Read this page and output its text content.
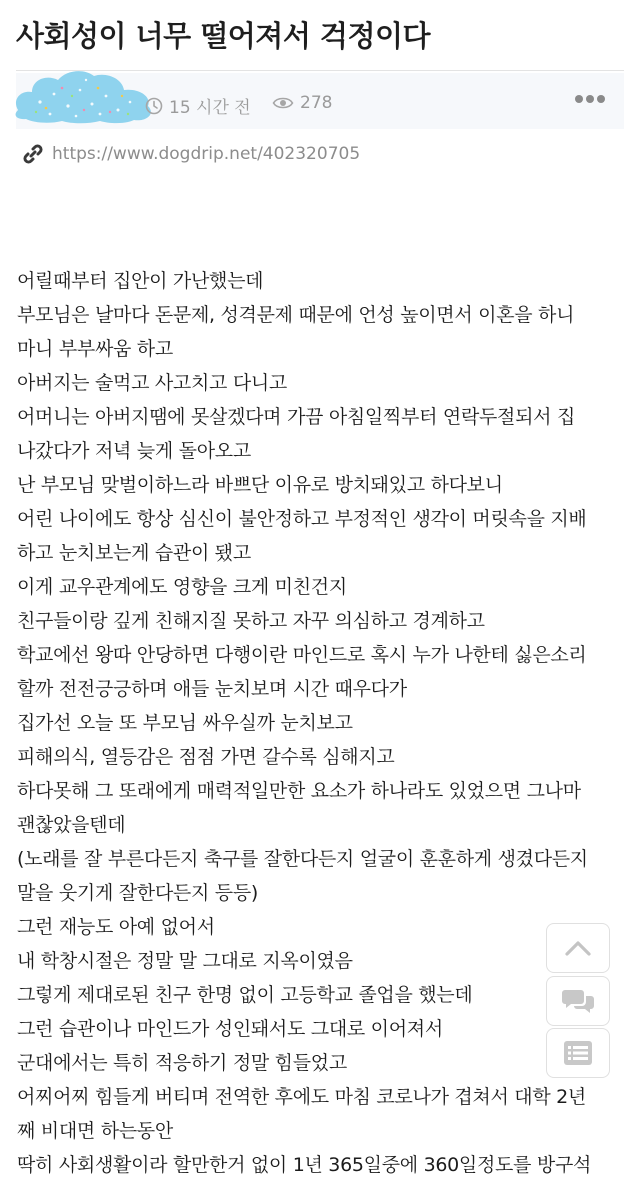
사회성이 너무 떨어져서 걱정이다
15 시간 전	278
https://www.dogdrip.net/402320705

어릴때부터 집안이 가난했는데

부모님은 날마다 돈문제, 성격문제 때문에 언성 높이면서 이혼을 하니

마니 부부싸움 하고

아버지는 술먹고 사고치고 다니고

어머니는 아버지땜에 못살겠다며 가끔 아침일찍부터 연락두절되서 집

나갔다가 저녁 늦게 돌아오고

난 부모님 맞벌이하느라 바쁘단 이유로 방치돼있고 하다보니

어린 나이에도 항상 심신이 불안정하고 부정적인 생각이 머릿속을 지배

하고 눈치보는게 습관이 됐고

이게 교우관계에도 영향을 크게 미친건지

친구들이랑 깊게 친해지질 못하고 자꾸 의심하고 경계하고

학교에선 왕따 안당하면 다행이란 마인드로 혹시 누가 나한테 싫은소리

할까 전전긍긍하며 애들 눈치보며 시간 때우다가

집가선 오늘 또 부모님 싸우실까 눈치보고

피해의식, 열등감은 점점 가면 갈수록 심해지고

하다못해 그 또래에게 매력적일만한 요소가 하나라도 있었으면 그나마

괜찮았을텐데

(노래를 잘 부른다든지 축구를 잘한다든지 얼굴이 훈훈하게 생겼다든지

말을 웃기게 잘한다든지 등등)

그런 재능도 아예 없어서

내 학창시절은 정말 말 그대로 지옥이였음

그렇게 제대로된 친구 한명 없이 고등학교 졸업을 했는데

그런 습관이나 마인드가 성인돼서도 그대로 이어져서

군대에서는 특히 적응하기 정말 힘들었고

어찌어찌 힘들게 버티며 전역한 후에도 마침 코로나가 겹쳐서 대학 2년

째 비대면 하는동안

딱히 사회생활이라 할만한거 없이 1년 365일중에 360일정도를 방구석
